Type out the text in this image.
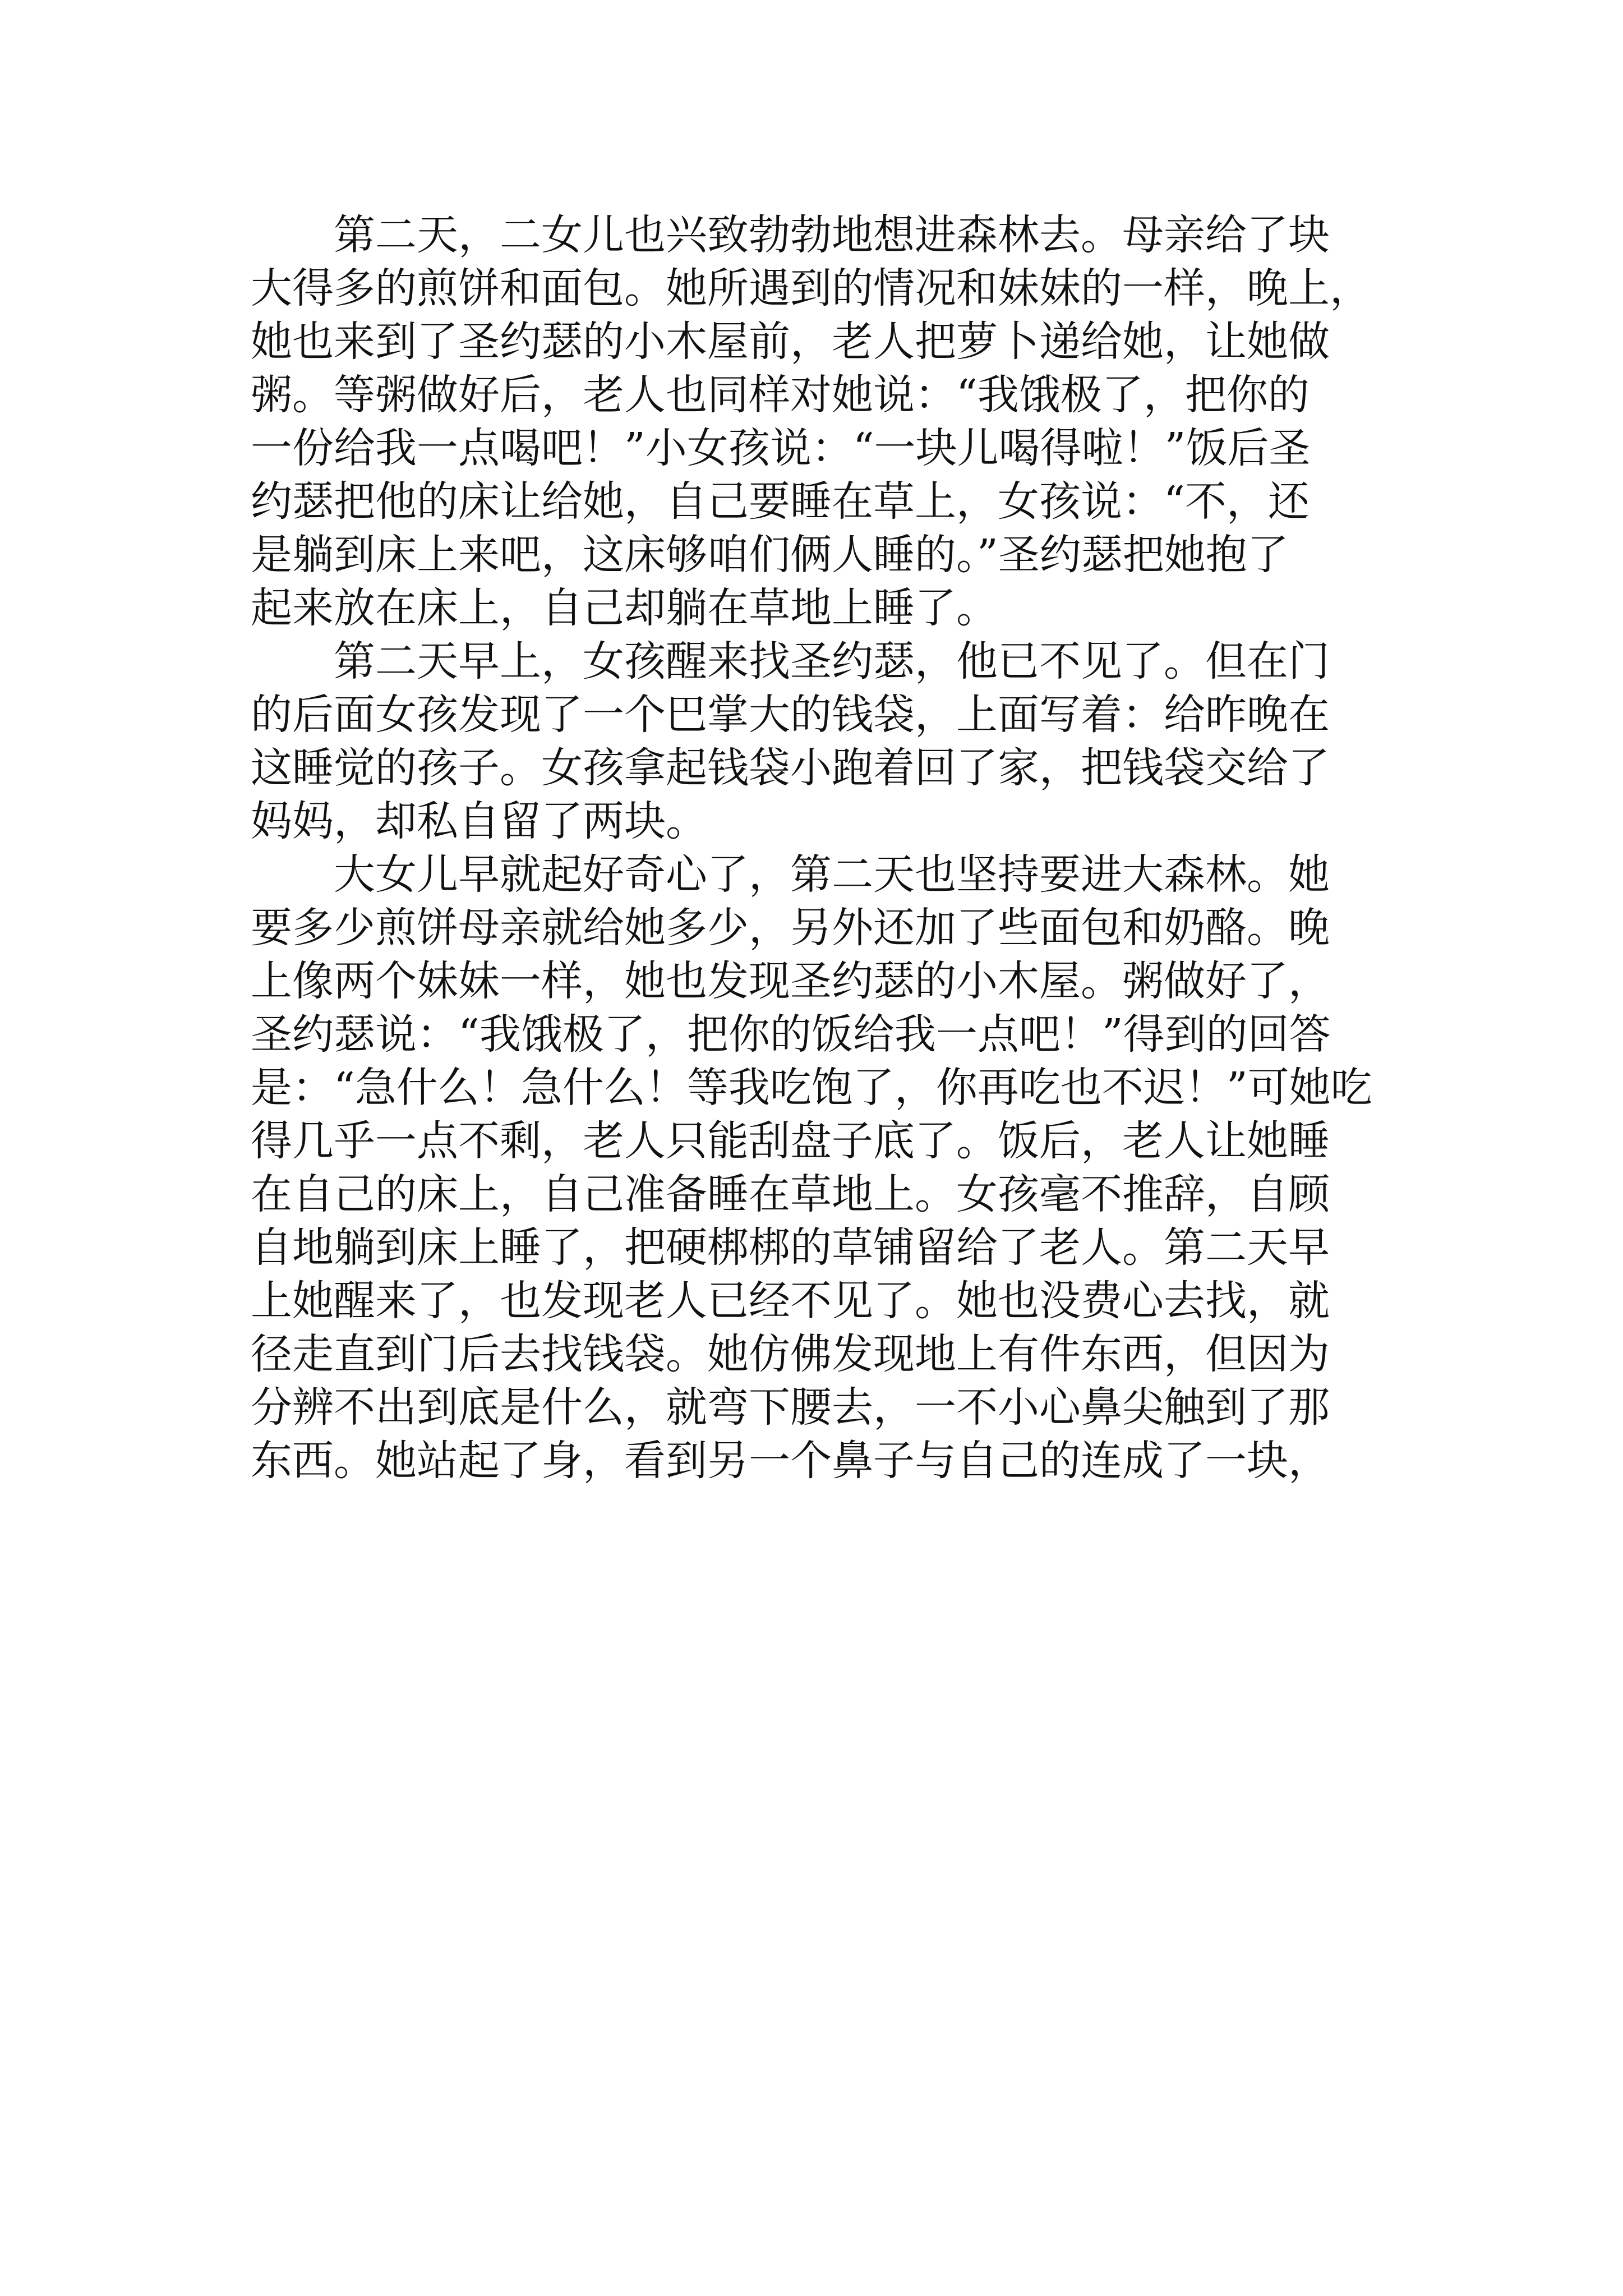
第二天，二女儿也兴致勃勃地想进森林去。母亲给了块
大得多的煎饼和面包。她所遇到的情况和妹妹的一样，晚上，
她也来到了圣约瑟的小木屋前，老人把萝卜递给她，让她做
粥。等粥做好后，老人也同样对她说：“我饿极了，把你的
一份给我一点喝吧！”小女孩说：“一块儿喝得啦！”饭后圣
约瑟把他的床让给她，自己要睡在草上，女孩说：“不，还
是躺到床上来吧，这床够咱们俩人睡的。”圣约瑟把她抱了
起来放在床上，自己却躺在草地上睡了。
第二天早上，女孩醒来找圣约瑟，他已不见了。但在门
的后面女孩发现了一个巴掌大的钱袋，上面写着：给昨晚在
这睡觉的孩子。女孩拿起钱袋小跑着回了家，把钱袋交给了
妈妈，却私自留了两块。
大女儿早就起好奇心了，第二天也坚持要进大森林。她
要多少煎饼母亲就给她多少，另外还加了些面包和奶酪。晚
上像两个妹妹一样，她也发现圣约瑟的小木屋。粥做好了，
圣约瑟说：“我饿极了，把你的饭给我一点吧！”得到的回答
是：“急什么！急什么！等我吃饱了，你再吃也不迟！”可她吃
得几乎一点不剩，老人只能刮盘子底了。饭后，老人让她睡
在自己的床上，自己准备睡在草地上。女孩毫不推辞，自顾
自地躺到床上睡了，把硬梆梆的草铺留给了老人。第二天早
上她醒来了，也发现老人已经不见了。她也没费心去找，就
径走直到门后去找钱袋。她仿佛发现地上有件东西，但因为
分辨不出到底是什么，就弯下腰去，一不小心鼻尖触到了那
东西。她站起了身，看到另一个鼻子与自己的连成了一块，
